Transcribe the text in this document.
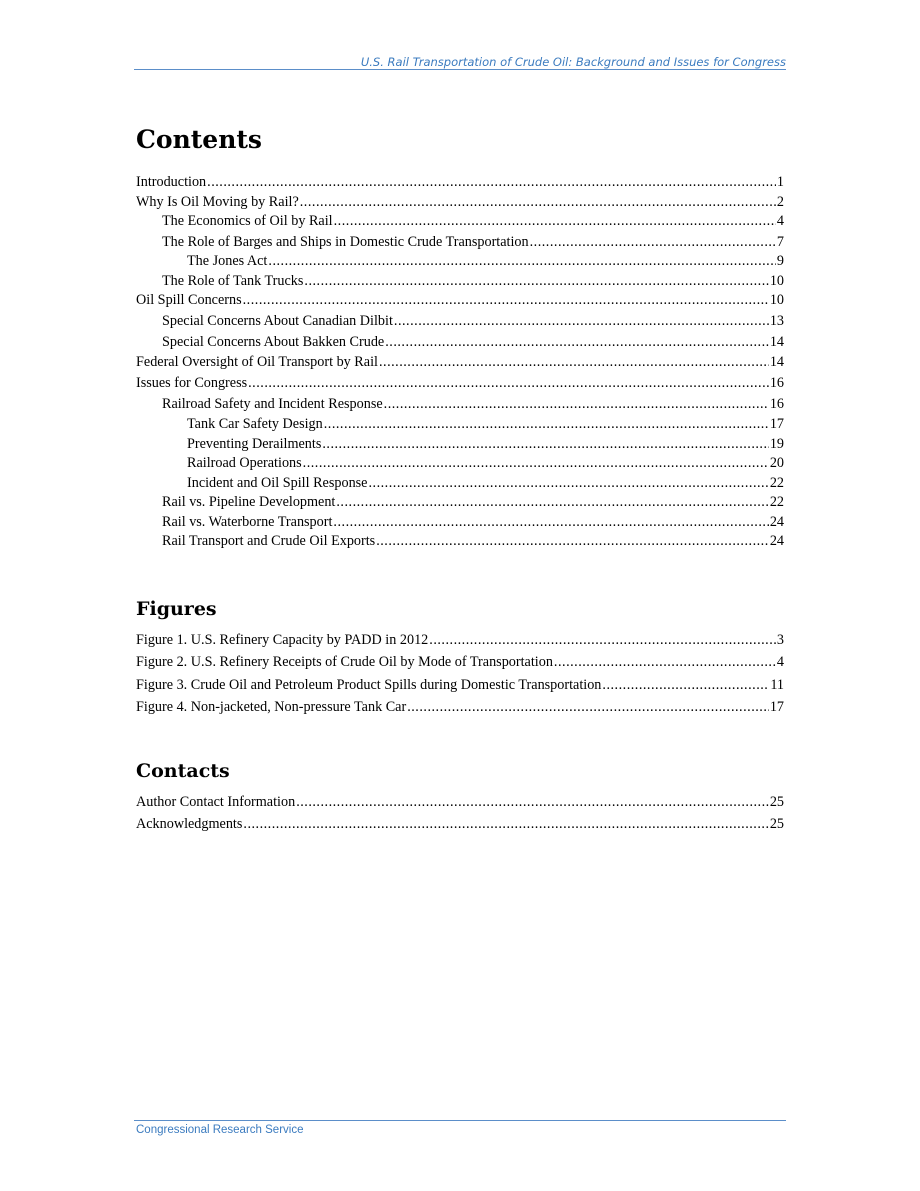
U.S. Rail Transportation of Crude Oil: Background and Issues for Congress
Contents
Introduction .....	1
Why Is Oil Moving by Rail? .....	2
The Economics of Oil by Rail .....	4
The Role of Barges and Ships in Domestic Crude Transportation .....	7
The Jones Act .....	9
The Role of Tank Trucks .....	10
Oil Spill Concerns .....	10
Special Concerns About Canadian Dilbit .....	13
Special Concerns About Bakken Crude .....	14
Federal Oversight of Oil Transport by Rail .....	14
Issues for Congress .....	16
Railroad Safety and Incident Response .....	16
Tank Car Safety Design .....	17
Preventing Derailments .....	19
Railroad Operations .....	20
Incident and Oil Spill Response .....	22
Rail vs. Pipeline Development .....	22
Rail vs. Waterborne Transport .....	24
Rail Transport and Crude Oil Exports .....	24
Figures
Figure 1. U.S. Refinery Capacity by PADD in 2012 .....	3
Figure 2. U.S. Refinery Receipts of Crude Oil by Mode of Transportation .....	4
Figure 3. Crude Oil and Petroleum Product Spills during Domestic Transportation .....	11
Figure 4. Non-jacketed, Non-pressure Tank Car .....	17
Contacts
Author Contact Information .....	25
Acknowledgments .....	25
Congressional Research Service
